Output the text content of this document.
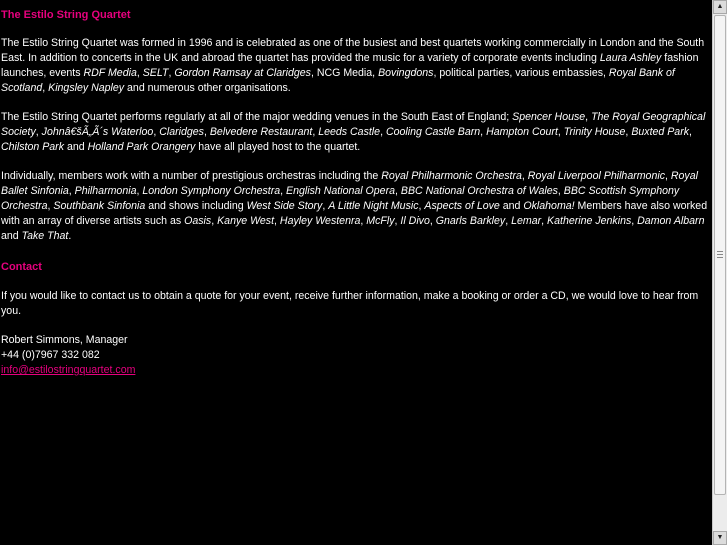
The Estilo String Quartet

The Estilo String Quartet was formed in 1996 and is celebrated as one of the busiest and best quartets working commercially in London and the South East. In addition to concerts in the UK and abroad the quartet has provided the music for a variety of corporate events including Laura Ashley fashion launches, events RDF Media, SELT, Gordon Ramsay at Claridges, NCG Media, Bovingdons, political parties, various embassies, Royal Bank of Scotland, Kingsley Napley and numerous other organisations.

The Estilo String Quartet performs regularly at all of the major wedding venues in the South East of England; Spencer House, The Royal Geographical Society, Johnâ€šÃ„Ã´s Waterloo, Claridges, Belvedere Restaurant, Leeds Castle, Cooling Castle Barn, Hampton Court, Trinity House, Buxted Park, Chilston Park and Holland Park Orangery have all played host to the quartet.

Individually, members work with a number of prestigious orchestras including the Royal Philharmonic Orchestra, Royal Liverpool Philharmonic, Royal Ballet Sinfonia, Philharmonia, London Symphony Orchestra, English National Opera, BBC National Orchestra of Wales, BBC Scottish Symphony Orchestra, Southbank Sinfonia and shows including West Side Story, A Little Night Music, Aspects of Love and Oklahoma! Members have also worked with an array of diverse artists such as Oasis, Kanye West, Hayley Westenra, McFly, Il Divo, Gnarls Barkley, Lemar, Katherine Jenkins, Damon Albarn and Take That.

Contact

If you would like to contact us to obtain a quote for your event, receive further information, make a booking or order a CD, we would love to hear from you.

Robert Simmons, Manager
+44 (0)7967 332 082
info@estilostringquartet.com

▲
▼
